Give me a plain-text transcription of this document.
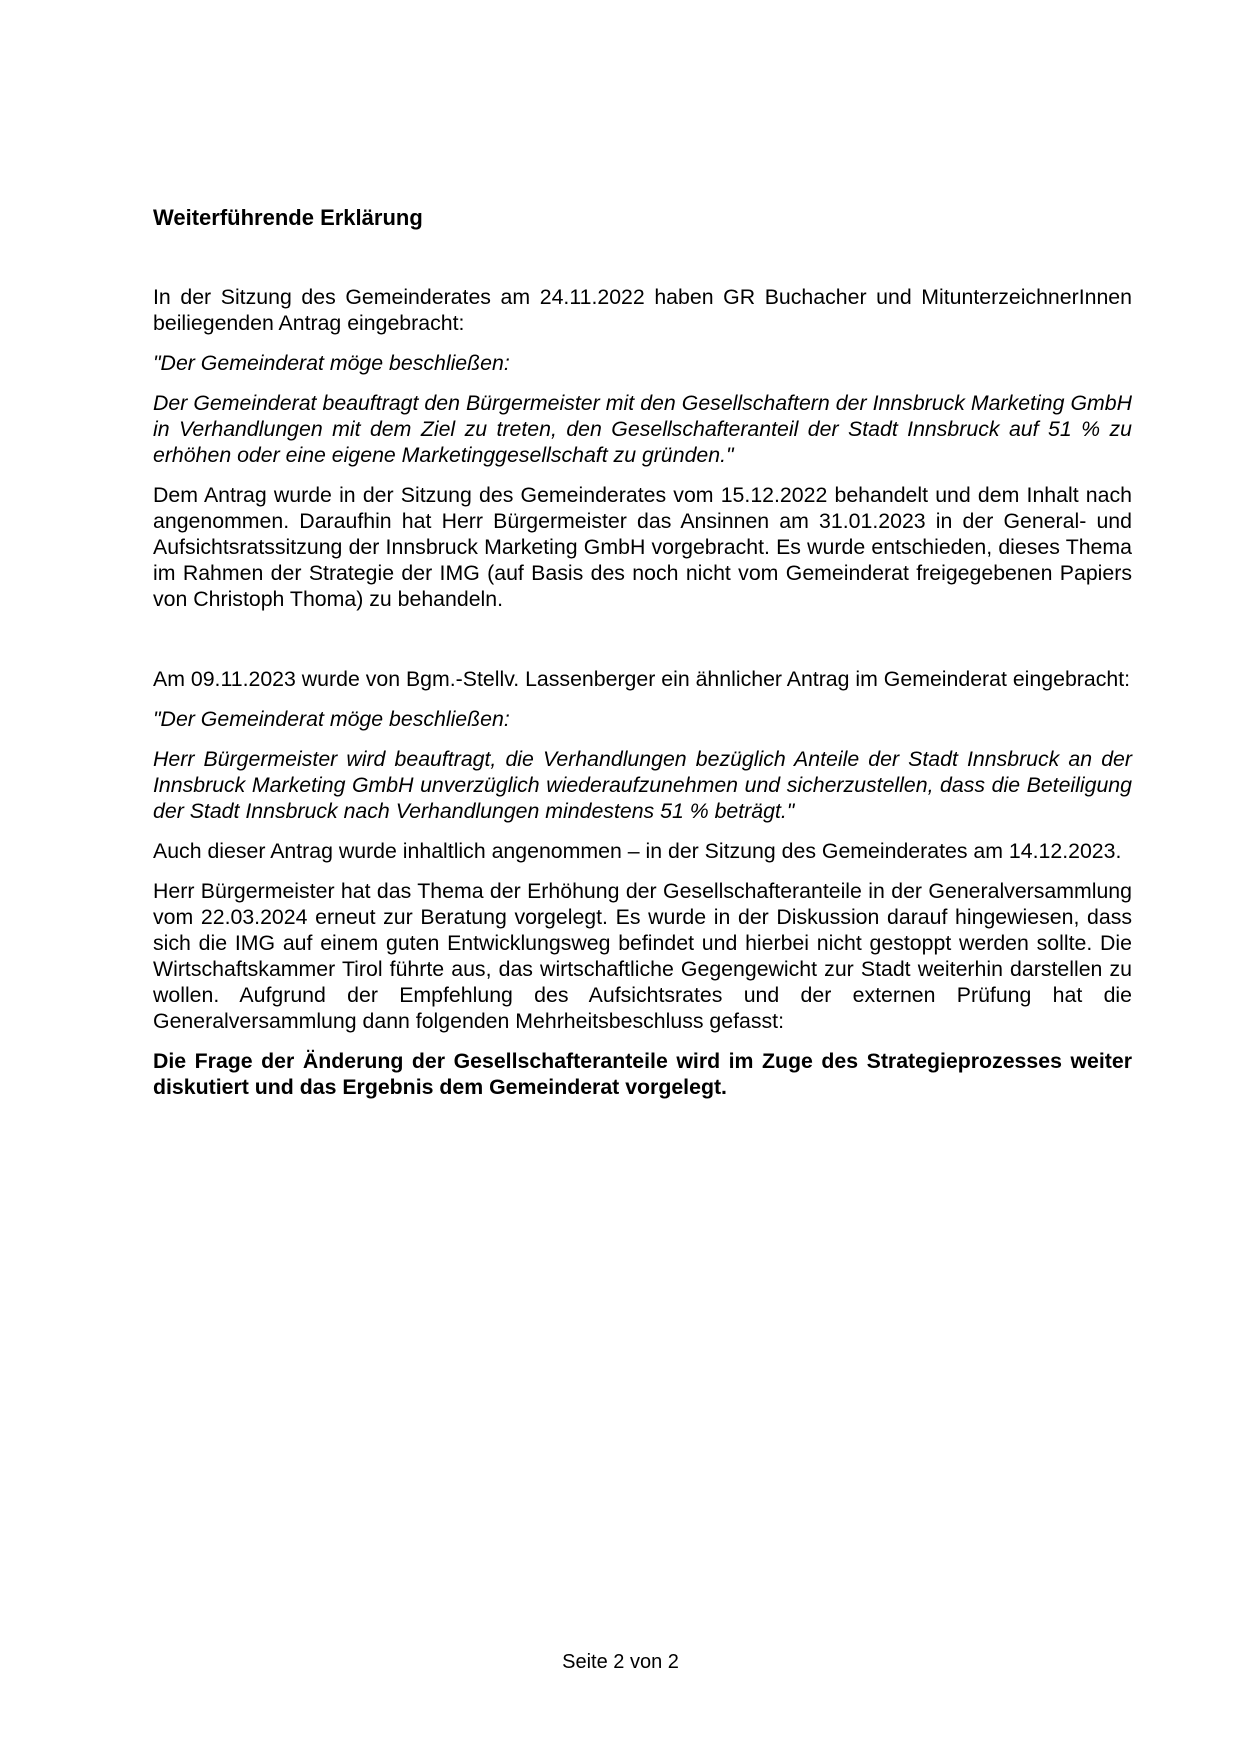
Weiterführende Erklärung

In der Sitzung des Gemeinderates am 24.11.2022 haben GR Buchacher und MitunterzeichnerInnen beiliegenden Antrag eingebracht:

"Der Gemeinderat möge beschließen:

Der Gemeinderat beauftragt den Bürgermeister mit den Gesellschaftern der Innsbruck Marketing GmbH in Verhandlungen mit dem Ziel zu treten, den Gesellschafteranteil der Stadt Innsbruck auf 51 % zu erhöhen oder eine eigene Marketinggesellschaft zu gründen."

Dem Antrag wurde in der Sitzung des Gemeinderates vom 15.12.2022 behandelt und dem Inhalt nach angenommen. Daraufhin hat Herr Bürgermeister das Ansinnen am 31.01.2023 in der General- und Aufsichtsratssitzung der Innsbruck Marketing GmbH vorgebracht. Es wurde entschieden, dieses Thema im Rahmen der Strategie der IMG (auf Basis des noch nicht vom Gemeinderat freigegebenen Papiers von Christoph Thoma) zu behandeln.

Am 09.11.2023 wurde von Bgm.-Stellv. Lassenberger ein ähnlicher Antrag im Gemeinderat eingebracht:

"Der Gemeinderat möge beschließen:

Herr Bürgermeister wird beauftragt, die Verhandlungen bezüglich Anteile der Stadt Innsbruck an der Innsbruck Marketing GmbH unverzüglich wiederaufzunehmen und sicherzustellen, dass die Beteiligung der Stadt Innsbruck nach Verhandlungen mindestens 51 % beträgt."

Auch dieser Antrag wurde inhaltlich angenommen – in der Sitzung des Gemeinderates am 14.12.2023.

Herr Bürgermeister hat das Thema der Erhöhung der Gesellschafteranteile in der Generalversammlung vom 22.03.2024 erneut zur Beratung vorgelegt. Es wurde in der Diskussion darauf hingewiesen, dass sich die IMG auf einem guten Entwicklungsweg befindet und hierbei nicht gestoppt werden sollte. Die Wirtschaftskammer Tirol führte aus, das wirtschaftliche Gegengewicht zur Stadt weiterhin darstellen zu wollen. Aufgrund der Empfehlung des Aufsichtsrates und der externen Prüfung hat die Generalversammlung dann folgenden Mehrheitsbeschluss gefasst:

Die Frage der Änderung der Gesellschafteranteile wird im Zuge des Strategieprozesses weiter diskutiert und das Ergebnis dem Gemeinderat vorgelegt.

Seite 2 von 2
